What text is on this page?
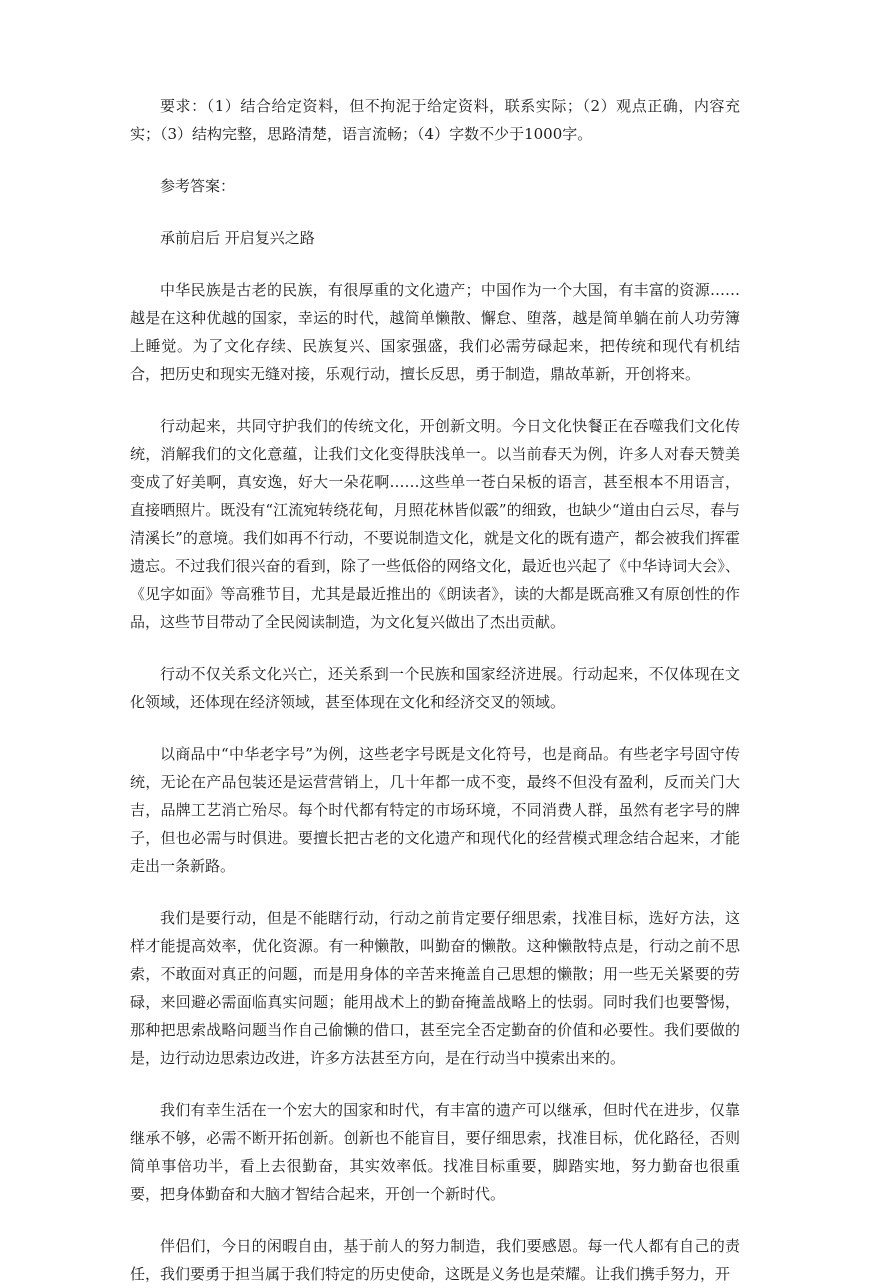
要求：（1）结合给定资料，但不拘泥于给定资料，联系实际；（2）观点正确，内容充实；（3）结构完整，思路清楚，语言流畅；（4）字数不少于1000字。

参考答案：

承前启后 开启复兴之路

中华民族是古老的民族，有很厚重的文化遗产；中国作为一个大国，有丰富的资源……越是在这种优越的国家，幸运的时代，越简单懒散、懈怠、堕落，越是简单躺在前人功劳簿上睡觉。为了文化存续、民族复兴、国家强盛，我们必需劳碌起来，把传统和现代有机结合，把历史和现实无缝对接，乐观行动，擅长反思，勇于制造，鼎故革新，开创将来。

行动起来，共同守护我们的传统文化，开创新文明。今日文化快餐正在吞噬我们文化传统，消解我们的文化意蕴，让我们文化变得肤浅单一。以当前春天为例，许多人对春天赞美变成了好美啊，真安逸，好大一朵花啊……这些单一苍白呆板的语言，甚至根本不用语言，直接晒照片。既没有“江流宛转绕花甸，月照花林皆似霰”的细致，也缺少“道由白云尽，春与清溪长”的意境。我们如再不行动，不要说制造文化，就是文化的既有遗产，都会被我们挥霍遗忘。不过我们很兴奋的看到，除了一些低俗的网络文化，最近也兴起了《中华诗词大会》、《见字如面》等高雅节目，尤其是最近推出的《朗读者》，读的大都是既高雅又有原创性的作品，这些节目带动了全民阅读制造，为文化复兴做出了杰出贡献。

行动不仅关系文化兴亡，还关系到一个民族和国家经济进展。行动起来，不仅体现在文化领域，还体现在经济领域，甚至体现在文化和经济交叉的领域。

以商品中“中华老字号”为例，这些老字号既是文化符号，也是商品。有些老字号固守传统，无论在产品包装还是运营营销上，几十年都一成不变，最终不但没有盈利，反而关门大吉，品牌工艺消亡殆尽。每个时代都有特定的市场环境，不同消费人群，虽然有老字号的牌子，但也必需与时俱进。要擅长把古老的文化遗产和现代化的经营模式理念结合起来，才能走出一条新路。

我们是要行动，但是不能瞎行动，行动之前肯定要仔细思索，找准目标，选好方法，这样才能提高效率，优化资源。有一种懒散，叫勤奋的懒散。这种懒散特点是，行动之前不思索，不敢面对真正的问题，而是用身体的辛苦来掩盖自己思想的懒散；用一些无关紧要的劳碌，来回避必需面临真实问题；能用战术上的勤奋掩盖战略上的怯弱。同时我们也要警惕，那种把思索战略问题当作自己偷懒的借口，甚至完全否定勤奋的价值和必要性。我们要做的是，边行动边思索边改进，许多方法甚至方向，是在行动当中摸索出来的。

我们有幸生活在一个宏大的国家和时代，有丰富的遗产可以继承，但时代在进步，仅靠继承不够，必需不断开拓创新。创新也不能盲目，要仔细思索，找准目标，优化路径，否则简单事倍功半，看上去很勤奋，其实效率低。找准目标重要，脚踏实地，努力勤奋也很重要，把身体勤奋和大脑才智结合起来，开创一个新时代。

伴侣们，今日的闲暇自由，基于前人的努力制造，我们要感恩。每一代人都有自己的责任，我们要勇于担当属于我们特定的历史使命，这既是义务也是荣耀。让我们携手努力，开
